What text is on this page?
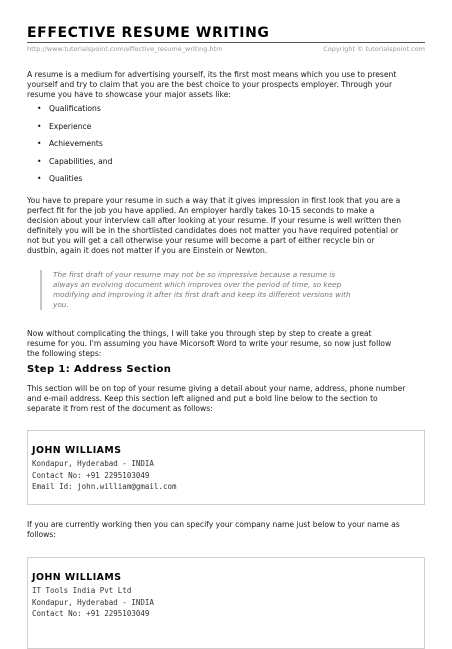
EFFECTIVE RESUME WRITING
http://www.tutorialspoint.com/effective_resume_writing.htm	Copyright © tutorialspoint.com
A resume is a medium for advertising yourself, its the first most means which you use to present
yourself and try to claim that you are the best choice to your prospects employer. Through your
resume you have to showcase your major assets like:
• Qualifications
• Experience
• Achievements
• Capabilities, and
• Qualities
You have to prepare your resume in such a way that it gives impression in first look that you are a
perfect fit for the job you have applied. An employer hardly takes 10-15 seconds to make a
decision about your interview call after looking at your resume. If your resume is well written then
definitely you will be in the shortlisted candidates does not matter you have required potential or
not but you will get a call otherwise your resume will become a part of either recycle bin or
dustbin, again it does not matter if you are Einstein or Newton.
The first draft of your resume may not be so impressive because a resume is
always an evolving document which improves over the period of time, so keep
modifying and improving it after its first draft and keep its different versions with
you.
Now without complicating the things, I will take you through step by step to create a great
resume for you. I'm assuming you have Micorsoft Word to write your resume, so now just follow
the following steps:
Step 1: Address Section
This section will be on top of your resume giving a detail about your name, address, phone number
and e-mail address. Keep this section left aligned and put a bold line below to the section to
separate it from rest of the document as follows:
JOHN WILLIAMS
Kondapur, Hyderabad - INDIA
Contact No: +91 2295103049
Email Id: john.william@gmail.com
If you are currently working then you can specify your company name just below to your name as
follows:
JOHN WILLIAMS
IT Tools India Pvt Ltd
Kondapur, Hyderabad - INDIA
Contact No: +91 2295103049
